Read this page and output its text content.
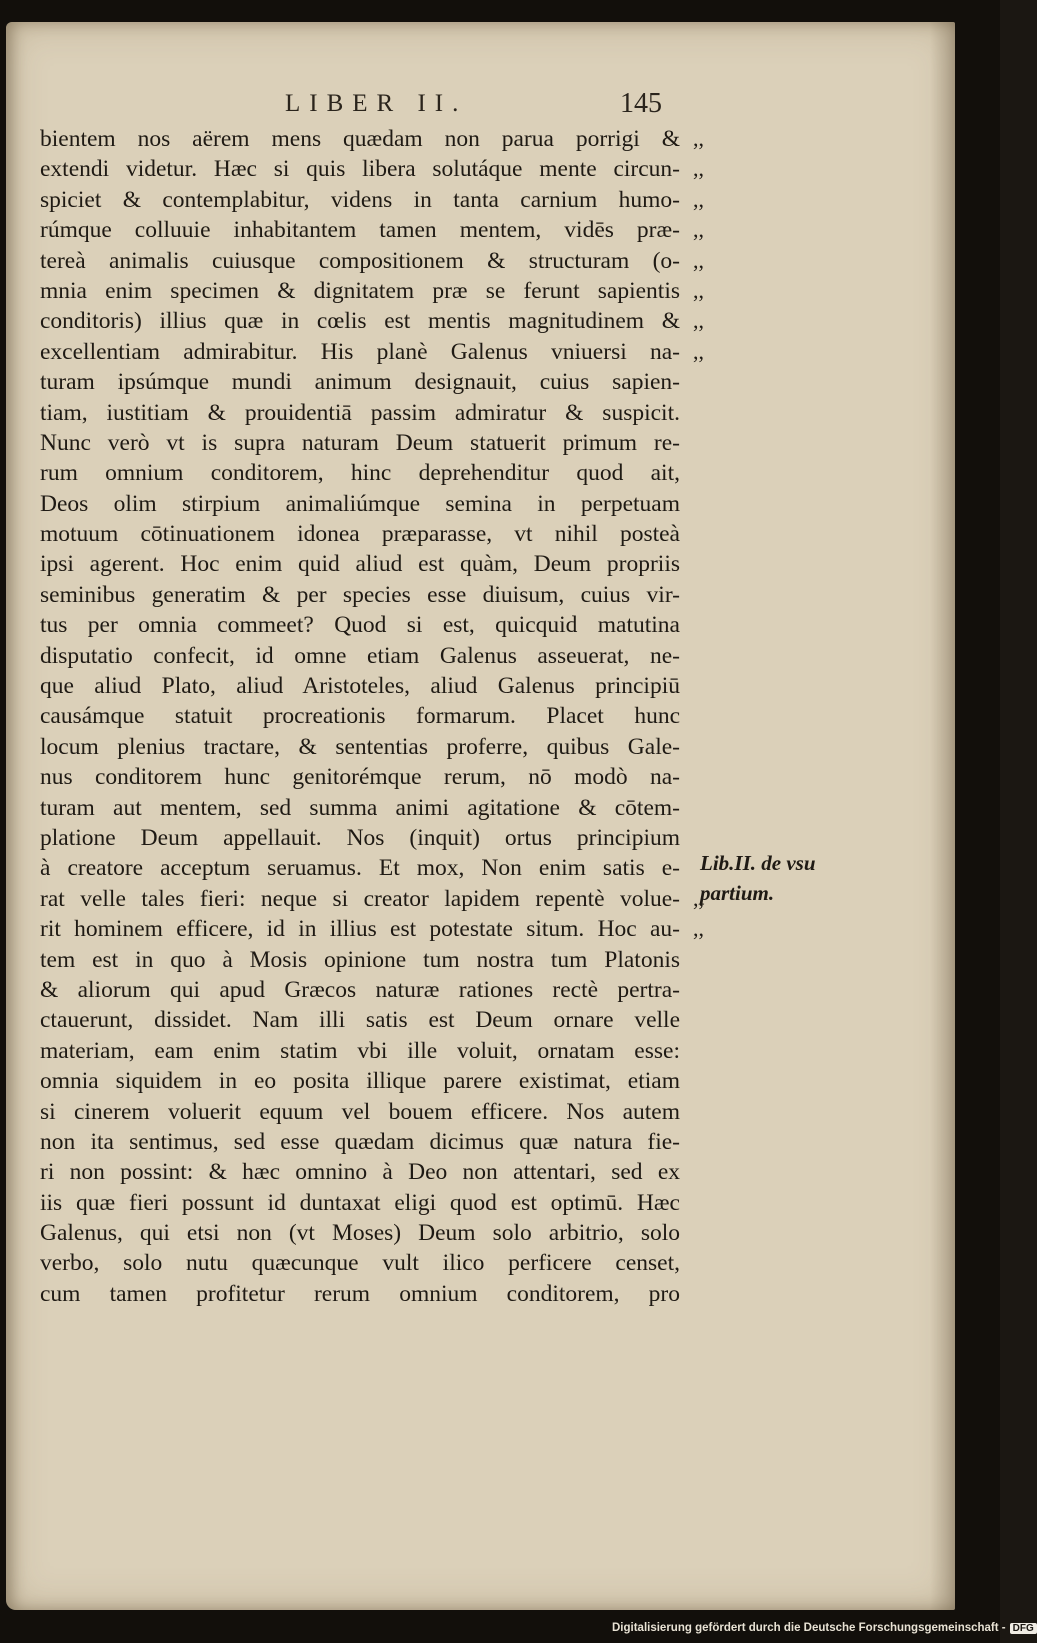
LIBER II.	145
bientem nos aërem mens quædam non parua porrigi &
extendi videtur. Hæc si quis libera solutáque mente circun-
spiciet & contemplabitur, videns in tanta carnium humo-
rúmque colluuie inhabitantem tamen mentem, vidēs præ-
tereà animalis cuiusque compositionem & structuram (o-
mnia enim specimen & dignitatem præ se ferunt sapientis
conditoris) illius quæ in cœlis est mentis magnitudinem &
excellentiam admirabitur. His planè Galenus vniuersi na-
turam ipsúmque mundi animum designauit, cuius sapien-
tiam, iustitiam & prouidentiā passim admiratur & suspicit.
Nunc verò vt is supra naturam Deum statuerit primum re-
rum omnium conditorem, hinc deprehenditur quod ait,
Deos olim stirpium animaliúmque semina in perpetuam
motuum cōtinuationem idonea præparasse, vt nihil posteà
ipsi agerent. Hoc enim quid aliud est quàm, Deum propriis
seminibus generatim & per species esse diuisum, cuius vir-
tus per omnia commeet? Quod si est, quicquid matutina
disputatio confecit, id omne etiam Galenus asseuerat, ne-
que aliud Plato, aliud Aristoteles, aliud Galenus principiū
causámque statuit procreationis formarum. Placet hunc
locum plenius tractare, & sententias proferre, quibus Gale-
nus conditorem hunc genitorémque rerum, nō modò na-
turam aut mentem, sed summa animi agitatione & cōtem-
platione Deum appellauit. Nos (inquit) ortus principium
à creatore acceptum seruamus. Et mox, Non enim satis e-
rat velle tales fieri: neque si creator lapidem repentè volue-
rit hominem efficere, id in illius est potestate situm. Hoc au-
tem est in quo à Mosis opinione tum nostra tum Platonis
& aliorum qui apud Græcos naturæ rationes rectè pertra-
ctauerunt, dissidet. Nam illi satis est Deum ornare velle
materiam, eam enim statim vbi ille voluit, ornatam esse:
omnia siquidem in eo posita illique parere existimat, etiam
si cinerem voluerit equum vel bouem efficere. Nos autem
non ita sentimus, sed esse quædam dicimus quæ natura fie-
ri non possint: & hæc omnino à Deo non attentari, sed ex
iis quæ fieri possunt id duntaxat eligi quod est optimū. Hæc
Galenus, qui etsi non (vt Moses) Deum solo arbitrio, solo
verbo, solo nutu quæcunque vult ilico perficere censet,
cum tamen profitetur rerum omnium conditorem, pro
,,
,,
,,
,,
,,
,,
,,
,,
,,
,,
Lib.II. de vsu
partium.
Digitalisierung gefördert durch die Deutsche Forschungsgemeinschaft - DFG
